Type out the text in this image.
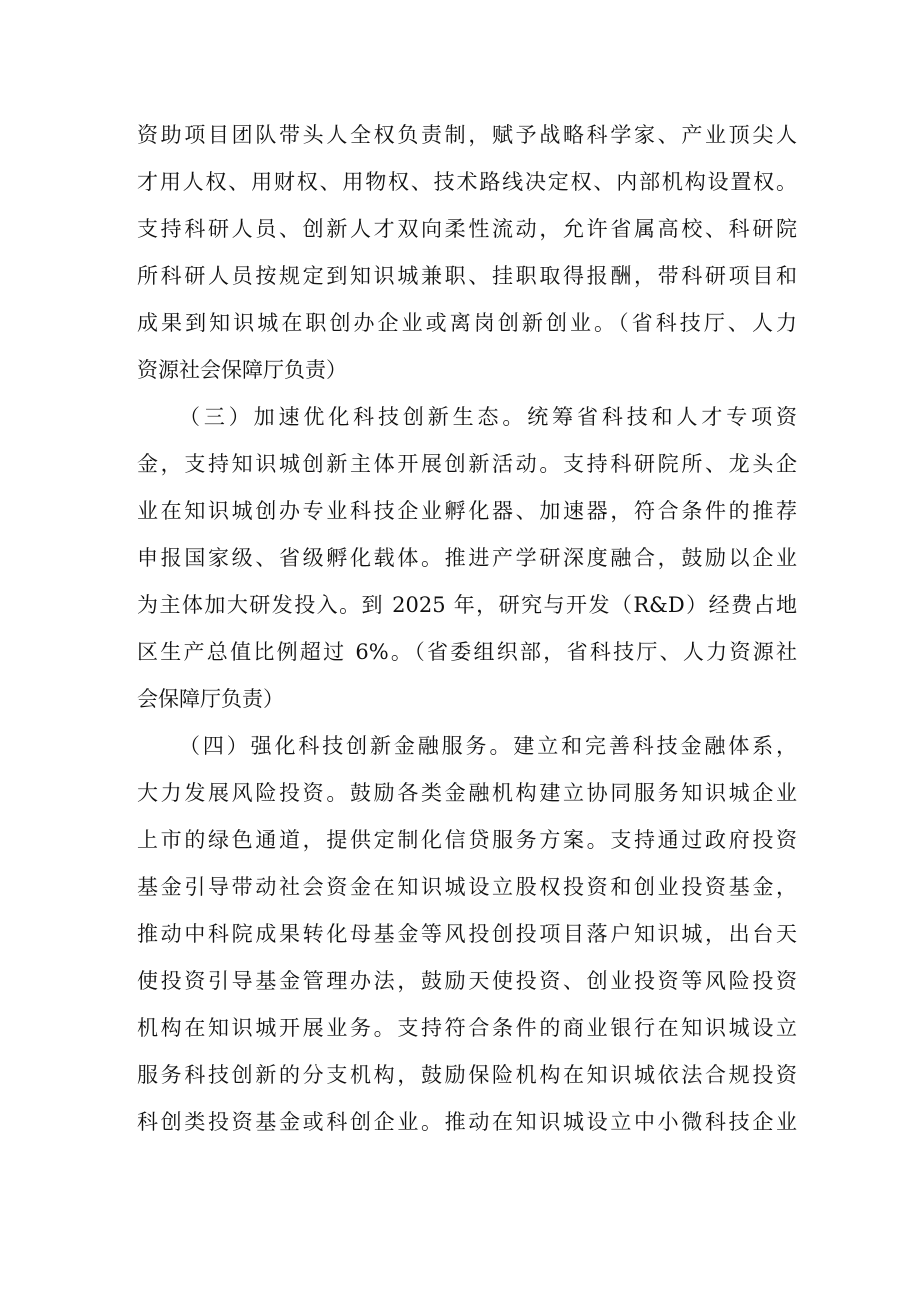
资助项目团队带头人全权负责制，赋予战略科学家、产业顶尖人
才用人权、用财权、用物权、技术路线决定权、内部机构设置权。
支持科研人员、创新人才双向柔性流动，允许省属高校、科研院
所科研人员按规定到知识城兼职、挂职取得报酬，带科研项目和
成果到知识城在职创办企业或离岗创新创业。（省科技厅、人力
资源社会保障厅负责）
（三）加速优化科技创新生态。统筹省科技和人才专项资
金，支持知识城创新主体开展创新活动。支持科研院所、龙头企
业在知识城创办专业科技企业孵化器、加速器，符合条件的推荐
申报国家级、省级孵化载体。推进产学研深度融合，鼓励以企业
为主体加大研发投入。到 2025 年，研究与开发（R&D）经费占地
区生产总值比例超过 6%。（省委组织部，省科技厅、人力资源社
会保障厅负责）
（四）强化科技创新金融服务。建立和完善科技金融体系，
大力发展风险投资。鼓励各类金融机构建立协同服务知识城企业
上市的绿色通道，提供定制化信贷服务方案。支持通过政府投资
基金引导带动社会资金在知识城设立股权投资和创业投资基金，
推动中科院成果转化母基金等风投创投项目落户知识城，出台天
使投资引导基金管理办法，鼓励天使投资、创业投资等风险投资
机构在知识城开展业务。支持符合条件的商业银行在知识城设立
服务科技创新的分支机构，鼓励保险机构在知识城依法合规投资
科创类投资基金或科创企业。推动在知识城设立中小微科技企业
